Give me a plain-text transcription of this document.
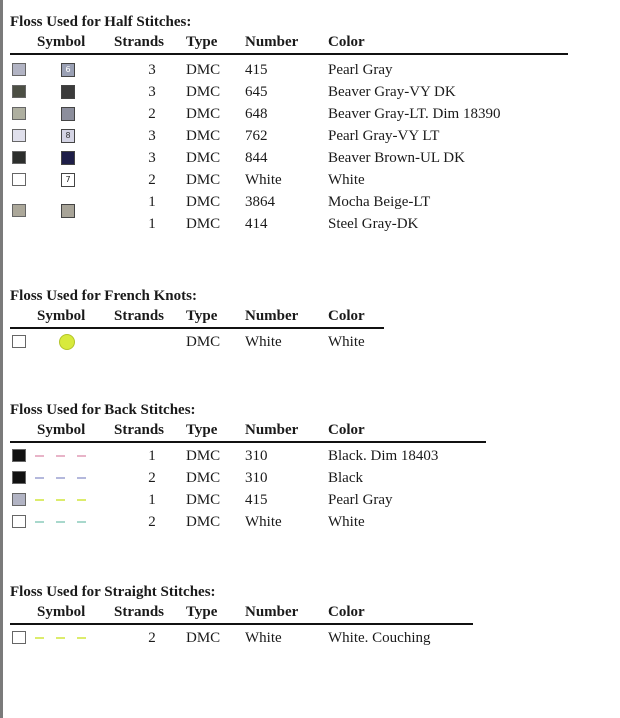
Floss Used for Half Stitches:
Symbol Strands Type Number Color
6	3 DMC 415	Pearl Gray
3 DMC 645	Beaver Gray-VY DK
2 DMC 648	Beaver Gray-LT. Dim 18390
8	3 DMC 762	Pearl Gray-VY LT
3 DMC 844	Beaver Brown-UL DK
7	2 DMC White	White
1 DMC 3864	Mocha Beige-LT
1 DMC 414	Steel Gray-DK
Floss Used for French Knots:
Symbol Strands Type Number Color
DMC White	White
Floss Used for Back Stitches:
Symbol Strands Type Number Color
1 DMC 310	Black. Dim 18403
2 DMC 310	Black
1 DMC 415	Pearl Gray
2 DMC White	White
Floss Used for Straight Stitches:
Symbol Strands Type Number Color
2 DMC White	White. Couching
